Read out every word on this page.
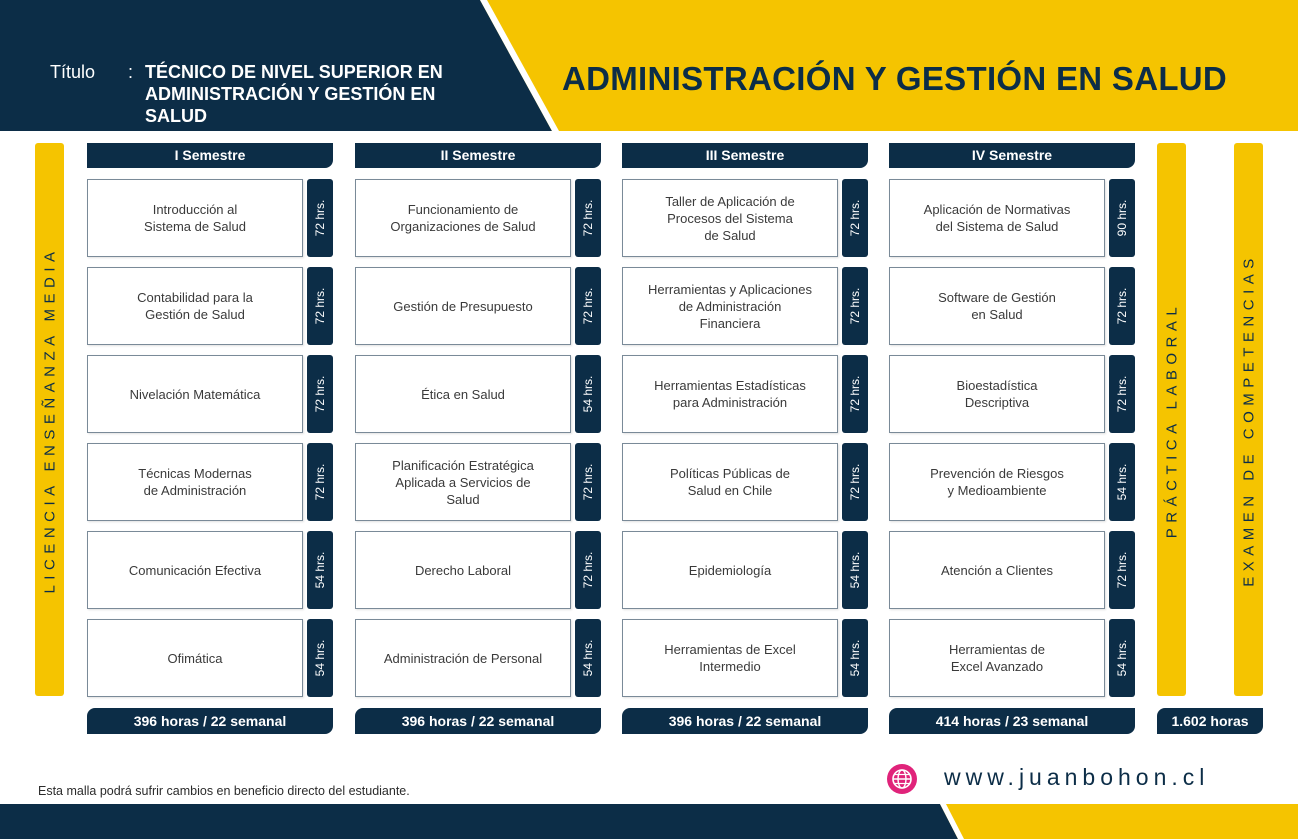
Título : TÉCNICO DE NIVEL SUPERIOR EN ADMINISTRACIÓN Y GESTIÓN EN SALUD
ADMINISTRACIÓN Y GESTIÓN EN SALUD
LICENCIA ENSEÑANZA MEDIA
I Semestre
Introducción al
Sistema de Salud	72 hrs.
Contabilidad para la
Gestión de Salud	72 hrs.
Nivelación Matemática	72 hrs.
Técnicas Modernas
de Administración	72 hrs.
Comunicación Efectiva	54 hrs.
Ofimática	54 hrs.
II Semestre
Funcionamiento de
Organizaciones de Salud	72 hrs.
Gestión de Presupuesto	72 hrs.
Ética en Salud	54 hrs.
Planificación Estratégica
Aplicada a Servicios de
Salud	72 hrs.
Derecho Laboral	72 hrs.
Administración de Personal	54 hrs.
III Semestre
Taller de Aplicación de
Procesos del Sistema
de Salud	72 hrs.
Herramientas y Aplicaciones
de Administración
Financiera	72 hrs.
Herramientas Estadísticas
para Administración	72 hrs.
Políticas Públicas de
Salud en Chile	72 hrs.
Epidemiología	54 hrs.
Herramientas de Excel
Intermedio	54 hrs.
IV Semestre
Aplicación de Normativas
del Sistema de Salud	90 hrs.
Software de Gestión
en Salud	72 hrs.
Bioestadística
Descriptiva	72 hrs.
Prevención de Riesgos
y Medioambiente	54 hrs.
Atención a Clientes	72 hrs.
Herramientas de
Excel Avanzado	54 hrs.
PRÁCTICA LABORAL	EXAMEN DE COMPETENCIAS
396 horas / 22 semanal	396 horas / 22 semanal	396 horas / 22 semanal	414 horas / 23 semanal	1.602 horas
Esta malla podrá sufrir cambios en beneficio directo del estudiante.
www.juanbohon.cl
